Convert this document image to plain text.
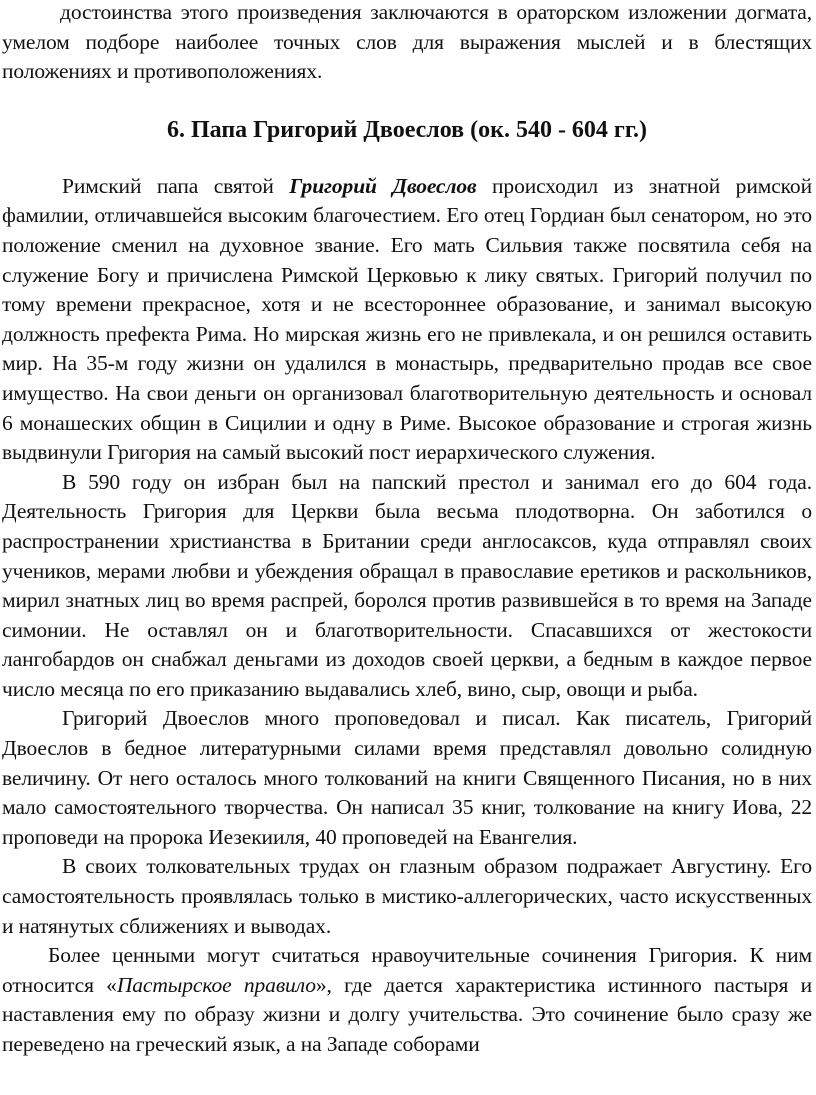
достоинства этого произведения заключаются в ораторском изложении догмата, умелом подборе наиболее точных слов для выражения мыслей и в блестящих положениях и противоположениях.

6. Папа Григорий Двоеслов (ок. 540 - 604 гг.)

Римский папа святой Григорий Двоеслов происходил из знатной римской фамилии, отличавшейся высоким благочестием. Его отец Гордиан был сенатором, но это положение сменил на духовное звание. Его мать Сильвия также посвятила себя на служение Богу и причислена Римской Церковью к лику святых. Григорий получил по тому времени прекрасное, хотя и не всестороннее образование, и занимал высокую должность префекта Рима. Но мирская жизнь его не привлекала, и он решился оставить мир. На 35-м году жизни он удалился в монастырь, предварительно продав все свое имущество. На свои деньги он организовал благотворительную деятельность и основал 6 монашеских общин в Сицилии и одну в Риме. Высокое образование и строгая жизнь выдвинули Григория на самый высокий пост иерархического служения.

В 590 году он избран был на папский престол и занимал его до 604 года. Деятельность Григория для Церкви была весьма плодотворна. Он заботился о распространении христианства в Британии среди англосаксов, куда отправлял своих учеников, мерами любви и убеждения обращал в православие еретиков и раскольников, мирил знатных лиц во время распрей, боролся против развившейся в то время на Западе симонии. Не оставлял он и благотворительности. Спасавшихся от жестокости лангобардов он снабжал деньгами из доходов своей церкви, а бедным в каждое первое число месяца по его приказанию выдавались хлеб, вино, сыр, овощи и рыба.

Григорий Двоеслов много проповедовал и писал. Как писатель, Григорий Двоеслов в бедное литературными силами время представлял довольно солидную величину. От него осталось много толкований на книги Священного Писания, но в них мало самостоятельного творчества. Он написал 35 книг, толкование на книгу Иова, 22 проповеди на пророка Иезекииля, 40 проповедей на Евангелия.

В своих толковательных трудах он глазным образом подражает Августину. Его самостоятельность проявлялась только в мистико-аллегорических, часто искусственных и натянутых сближениях и выводах.

Более ценными могут считаться нравоучительные сочинения Григория. К ним относится «Пастырское правило», где дается характеристика истинного пастыря и наставления ему по образу жизни и долгу учительства. Это сочинение было сразу же переведено на греческий язык, а на Западе соборами
